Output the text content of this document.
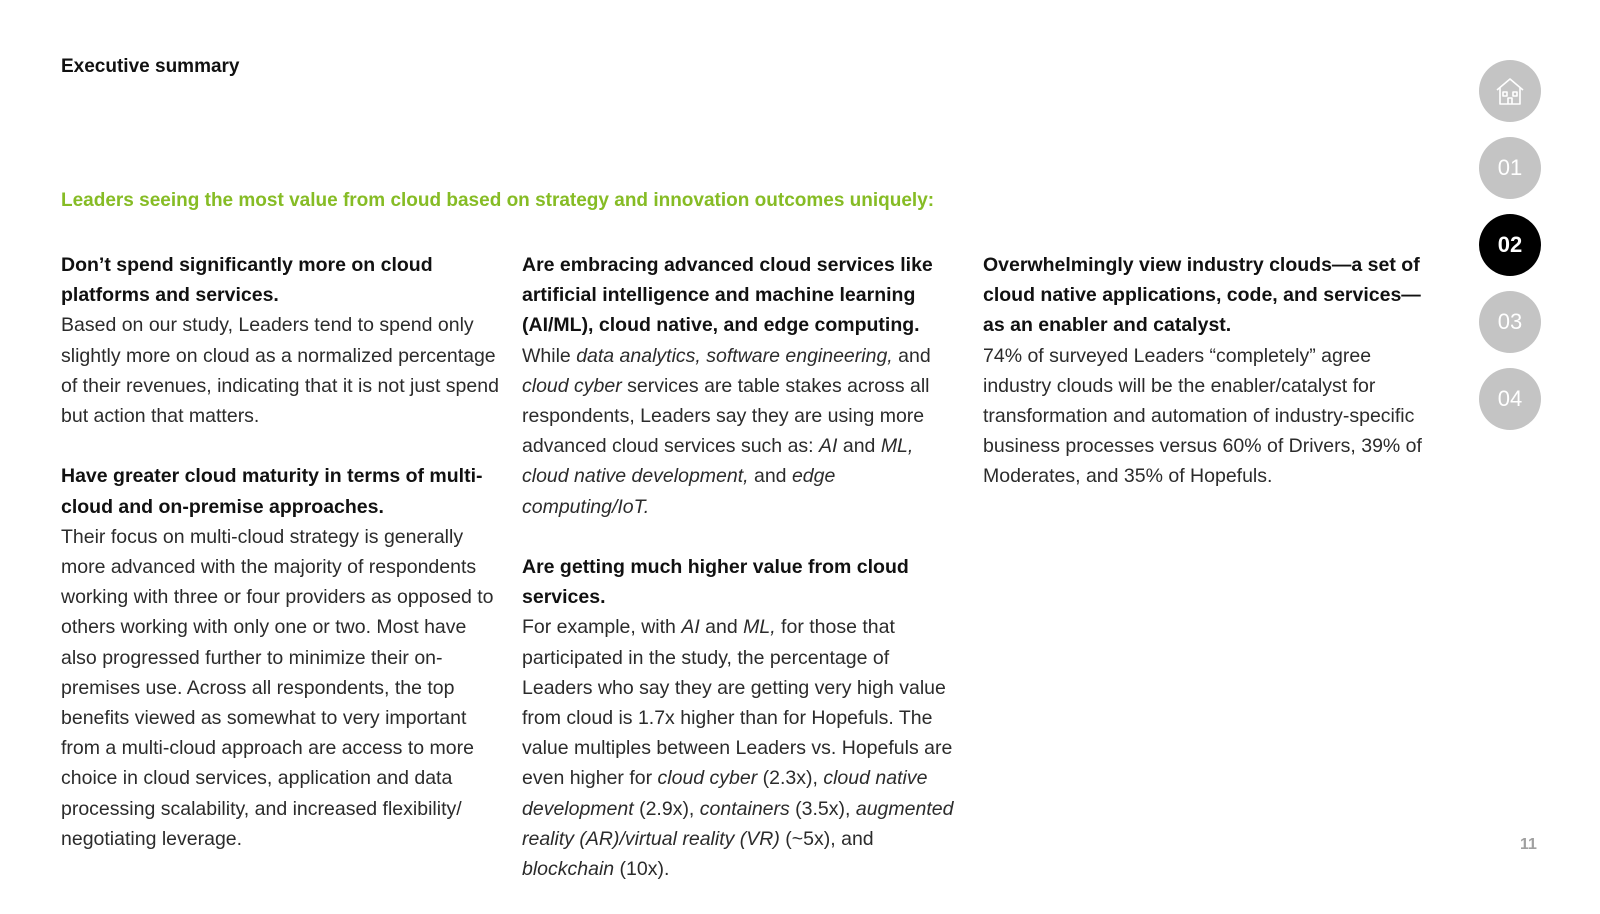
Executive summary
Leaders seeing the most value from cloud based on strategy and innovation outcomes uniquely:

Don’t spend significantly more on cloud platforms and services.
Based on our study, Leaders tend to spend only slightly more on cloud as a normalized percentage of their revenues, indicating that it is not just spend but action that matters.

Have greater cloud maturity in terms of multi-cloud and on-premise approaches.
Their focus on multi-cloud strategy is generally more advanced with the majority of respondents working with three or four providers as opposed to others working with only one or two. Most have also progressed further to minimize their on-premises use. Across all respondents, the top benefits viewed as somewhat to very important from a multi-cloud approach are access to more choice in cloud services, application and data processing scalability, and increased flexibility/ negotiating leverage.

Are embracing advanced cloud services like artificial intelligence and machine learning (AI/ML), cloud native, and edge computing.
While data analytics, software engineering, and cloud cyber services are table stakes across all respondents, Leaders say they are using more advanced cloud services such as: AI and ML, cloud native development, and edge computing/IoT.

Are getting much higher value from cloud services.
For example, with AI and ML, for those that participated in the study, the percentage of Leaders who say they are getting very high value from cloud is 1.7x higher than for Hopefuls. The value multiples between Leaders vs. Hopefuls are even higher for cloud cyber (2.3x), cloud native development (2.9x), containers (3.5x), augmented reality (AR)/virtual reality (VR) (~5x), and blockchain (10x).

Overwhelmingly view industry clouds—a set of cloud native applications, code, and services—as an enabler and catalyst.
74% of surveyed Leaders “completely” agree industry clouds will be the enabler/catalyst for transformation and automation of industry-specific business processes versus 60% of Drivers, 39% of Moderates, and 35% of Hopefuls.

01
02
03
04
11
